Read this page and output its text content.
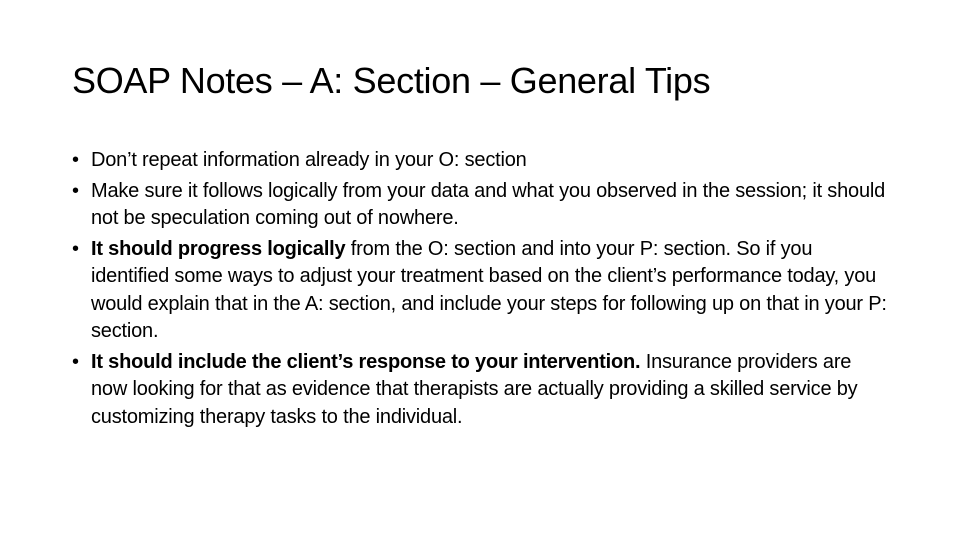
SOAP Notes – A: Section – General Tips
• Don’t repeat information already in your O: section
• Make sure it follows logically from your data and what you observed in the session; it should not be speculation coming out of nowhere.
• It should progress logically from the O: section and into your P: section. So if you identified some ways to adjust your treatment based on the client’s performance today, you would explain that in the A: section, and include your steps for following up on that in your P: section.
• It should include the client’s response to your intervention. Insurance providers are now looking for that as evidence that therapists are actually providing a skilled service by customizing therapy tasks to the individual.
